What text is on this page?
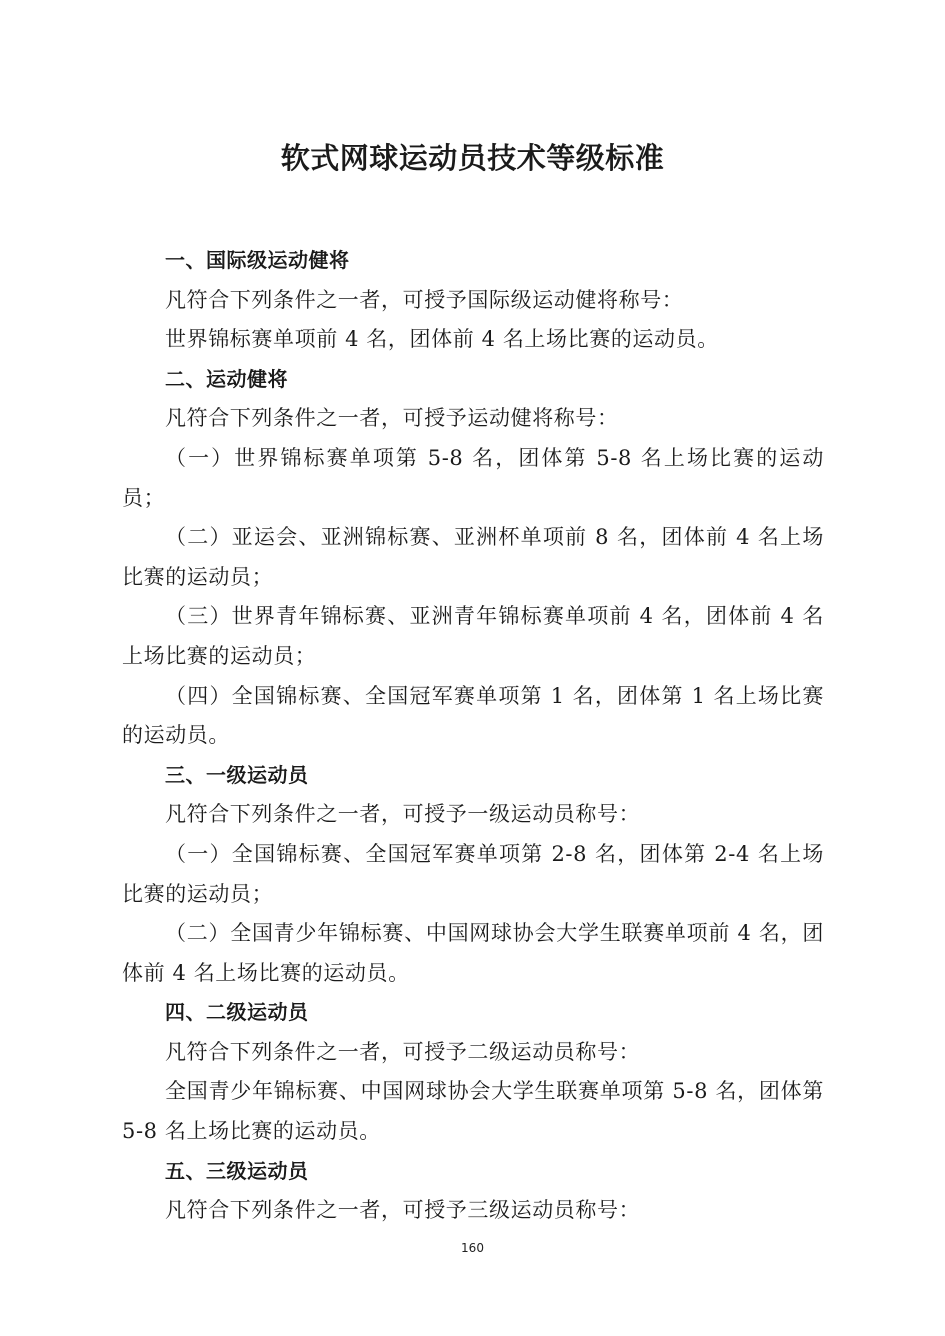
软式网球运动员技术等级标准

一、国际级运动健将

凡符合下列条件之一者，可授予国际级运动健将称号：

世界锦标赛单项前 4 名，团体前 4 名上场比赛的运动员。

二、运动健将

凡符合下列条件之一者，可授予运动健将称号：

（一）世界锦标赛单项第 5-8 名，团体第 5-8 名上场比赛的运动员；

（二）亚运会、亚洲锦标赛、亚洲杯单项前 8 名，团体前 4 名上场比赛的运动员；

（三）世界青年锦标赛、亚洲青年锦标赛单项前 4 名，团体前 4 名上场比赛的运动员；

（四）全国锦标赛、全国冠军赛单项第 1 名，团体第 1 名上场比赛的运动员。

三、一级运动员

凡符合下列条件之一者，可授予一级运动员称号：

（一）全国锦标赛、全国冠军赛单项第 2-8 名，团体第 2-4 名上场比赛的运动员；

（二）全国青少年锦标赛、中国网球协会大学生联赛单项前 4 名，团体前 4 名上场比赛的运动员。

四、二级运动员

凡符合下列条件之一者，可授予二级运动员称号：

全国青少年锦标赛、中国网球协会大学生联赛单项第 5-8 名，团体第 5-8 名上场比赛的运动员。

五、三级运动员

凡符合下列条件之一者，可授予三级运动员称号：

160
